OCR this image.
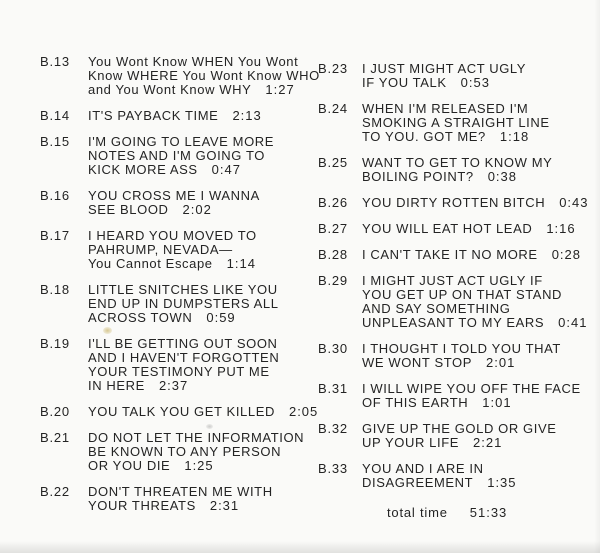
B.13	You Wont Know WHEN You Wont
Know WHERE You Wont Know WHO
and You Wont Know WHY 1:27
B.14	IT'S PAYBACK TIME 2:13
B.15	I'M GOING TO LEAVE MORE
NOTES AND I'M GOING TO
KICK MORE ASS 0:47
B.16	YOU CROSS ME I WANNA
SEE BLOOD 2:02
B.17	I HEARD YOU MOVED TO
PAHRUMP, NEVADA—
You Cannot Escape 1:14
B.18	LITTLE SNITCHES LIKE YOU
END UP IN DUMPSTERS ALL
ACROSS TOWN 0:59
B.19	I'LL BE GETTING OUT SOON
AND I HAVEN'T FORGOTTEN
YOUR TESTIMONY PUT ME
IN HERE 2:37
B.20	YOU TALK YOU GET KILLED 2:05
B.21	DO NOT LET THE INFORMATION
BE KNOWN TO ANY PERSON
OR YOU DIE 1:25
B.22	DON'T THREATEN ME WITH
YOUR THREATS 2:31
B.23	I JUST MIGHT ACT UGLY
IF YOU TALK 0:53
B.24	WHEN I'M RELEASED I'M
SMOKING A STRAIGHT LINE
TO YOU. GOT ME? 1:18
B.25	WANT TO GET TO KNOW MY
BOILING POINT? 0:38
B.26	YOU DIRTY ROTTEN BITCH 0:43
B.27	YOU WILL EAT HOT LEAD 1:16
B.28	I CAN'T TAKE IT NO MORE 0:28
B.29	I MIGHT JUST ACT UGLY IF
YOU GET UP ON THAT STAND
AND SAY SOMETHING
UNPLEASANT TO MY EARS 0:41
B.30	I THOUGHT I TOLD YOU THAT
WE WONT STOP 2:01
B.31	I WILL WIPE YOU OFF THE FACE
OF THIS EARTH 1:01
B.32	GIVE UP THE GOLD OR GIVE
UP YOUR LIFE 2:21
B.33	YOU AND I ARE IN
DISAGREEMENT 1:35
total time 51:33
